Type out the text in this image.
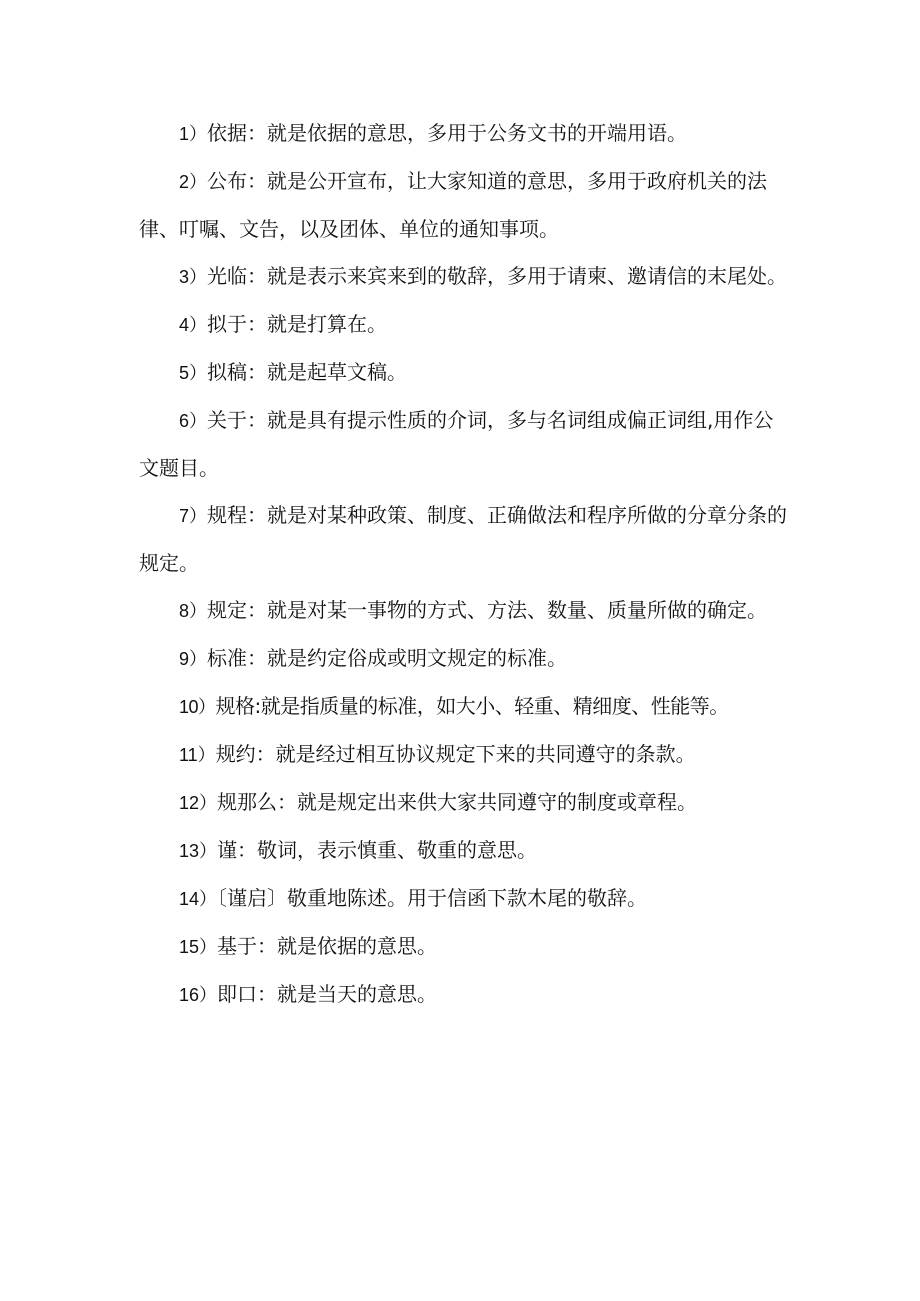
1）依据：就是依据的意思，多用于公务文书的开端用语。

2）公布：就是公开宣布，让大家知道的意思，多用于政府机关的法律、叮嘱、文告，以及团体、单位的通知事项。

3）光临：就是表示来宾来到的敬辞，多用于请柬、邀请信的末尾处。

4）拟于：就是打算在。

5）拟稿：就是起草文稿。

6）关于：就是具有提示性质的介词，多与名词组成偏正词组,用作公文题目。

7）规程：就是对某种政策、制度、正确做法和程序所做的分章分条的规定。

8）规定：就是对某一事物的方式、方法、数量、质量所做的确定。

9）标准：就是约定俗成或明文规定的标准。

10）规格:就是指质量的标准，如大小、轻重、精细度、性能等。

11）规约：就是经过相互协议规定下来的共同遵守的条款。

12）规那么：就是规定出来供大家共同遵守的制度或章程。

13）谨：敬词，表示慎重、敬重的意思。

14）〔谨启〕敬重地陈述。用于信函下款木尾的敬辞。

15）基于：就是依据的意思。

16）即口：就是当天的意思。
